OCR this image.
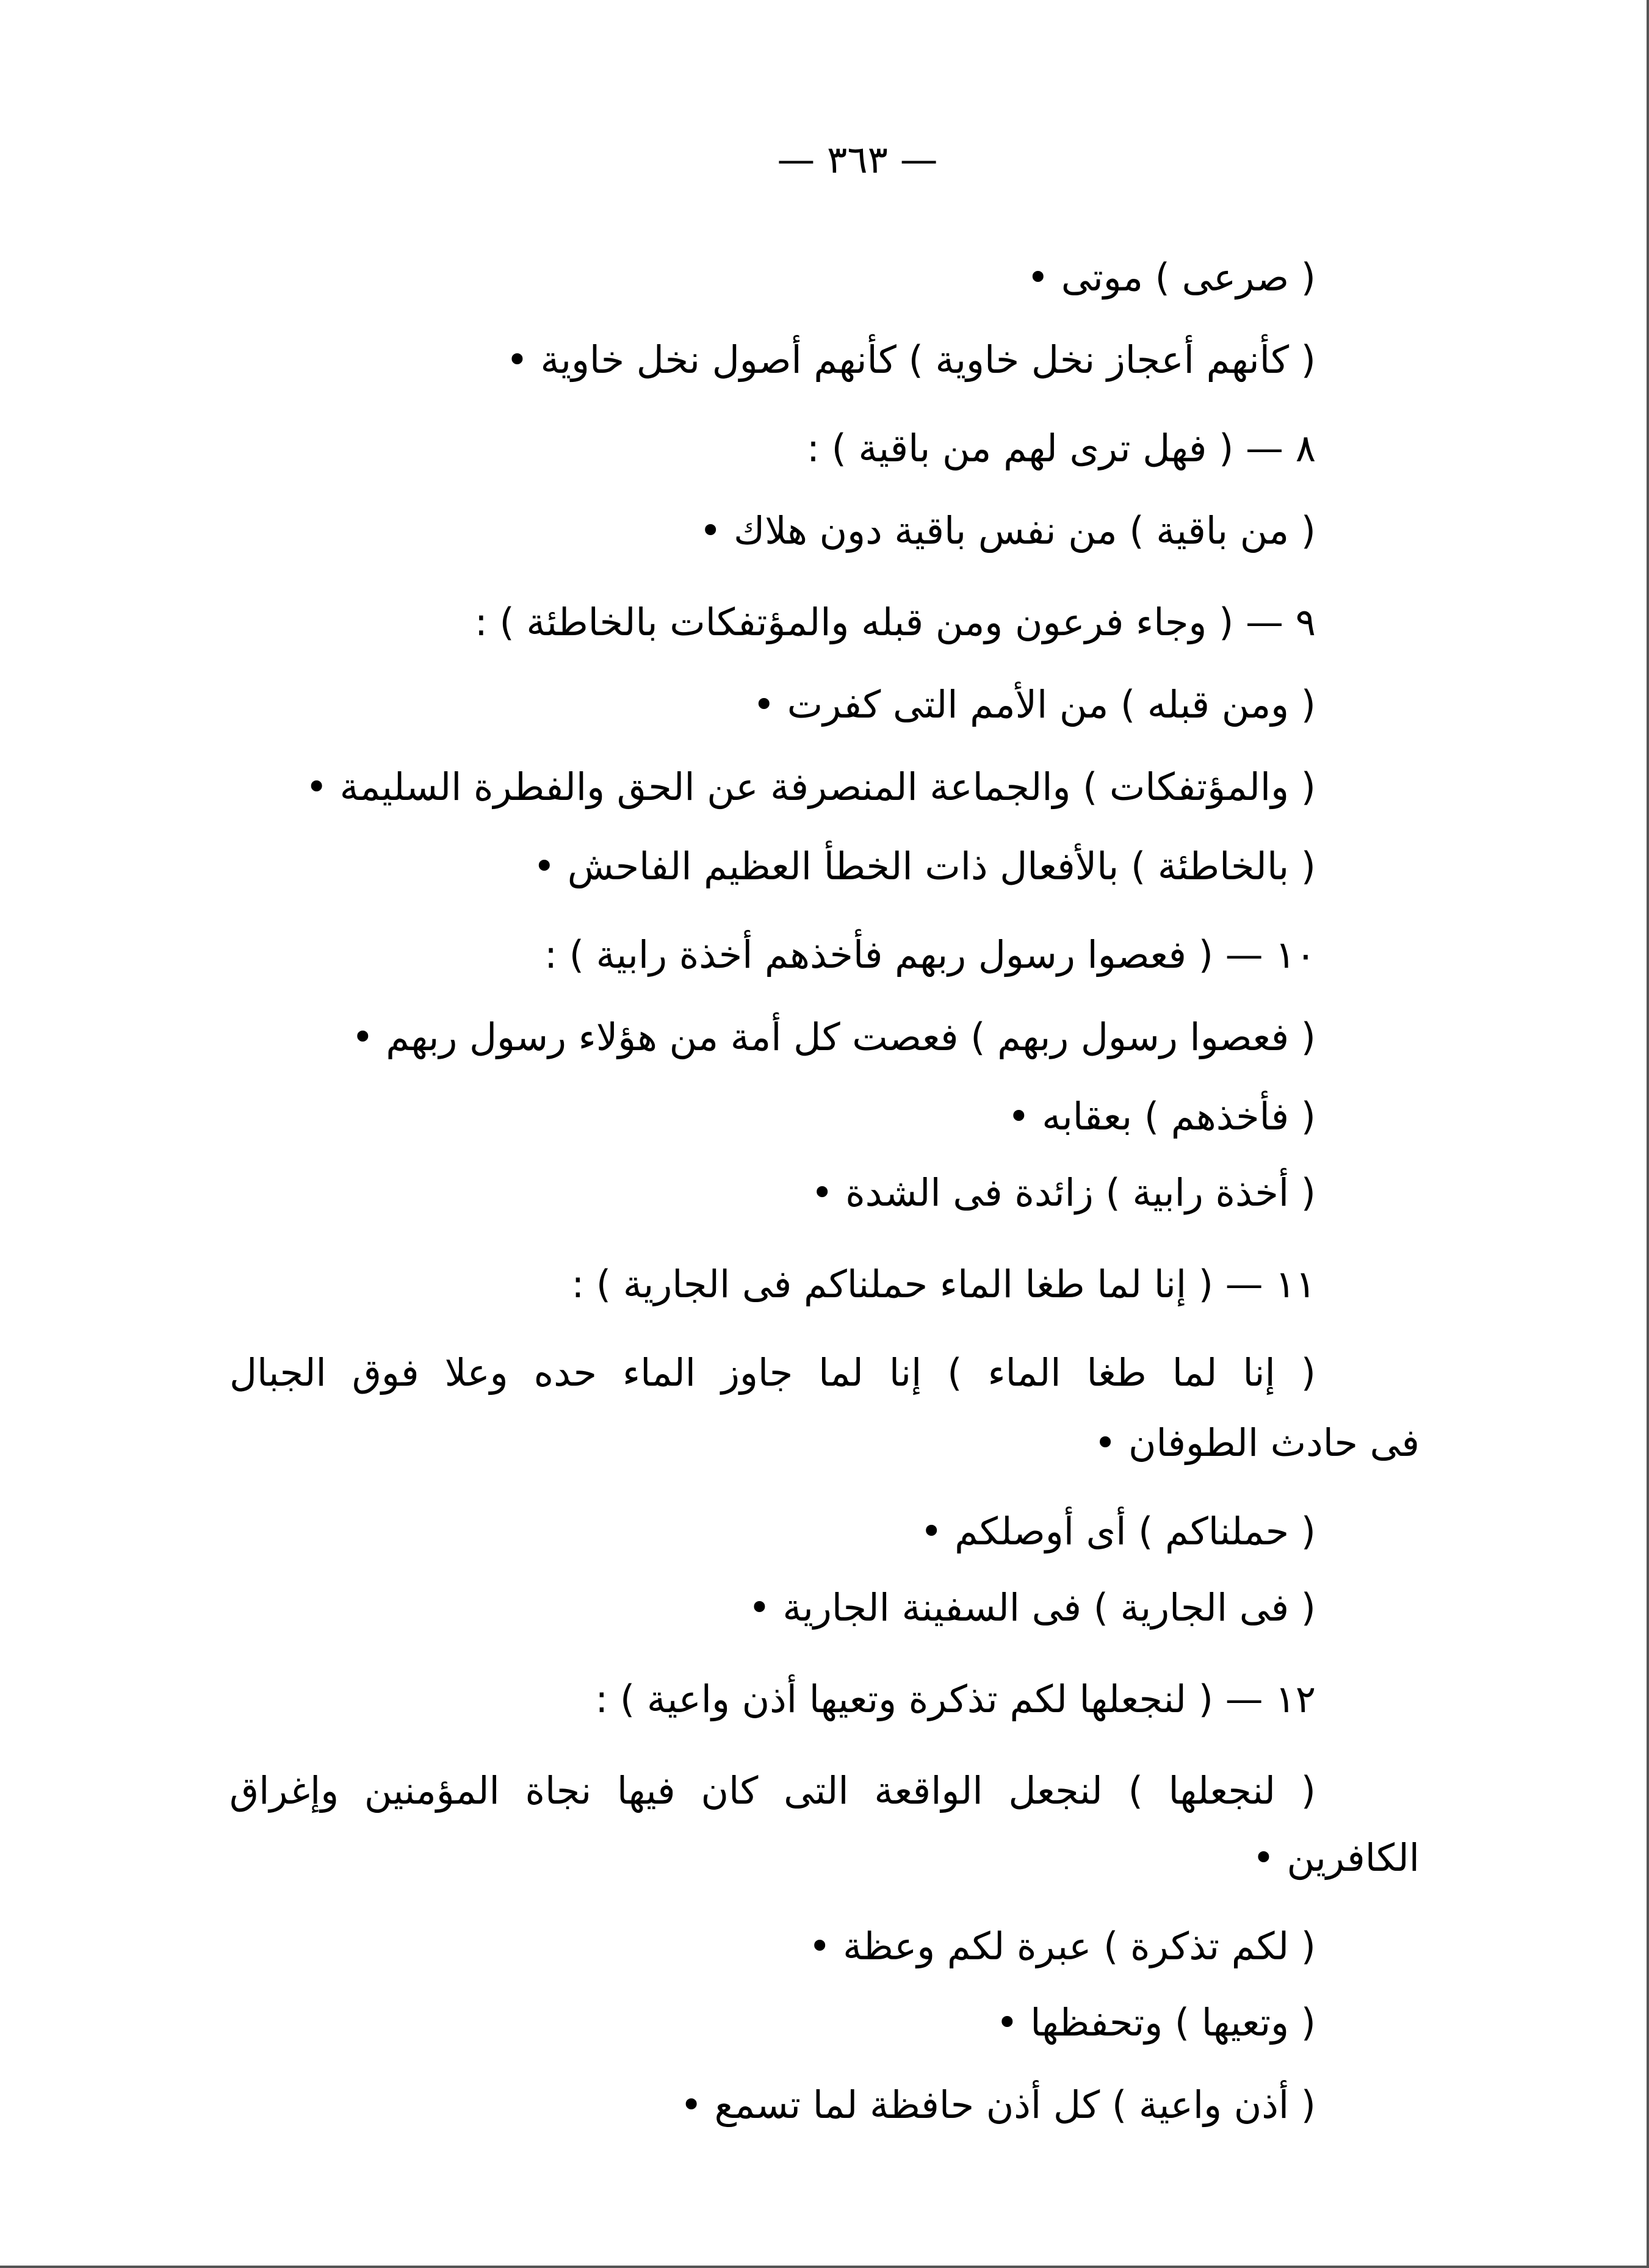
— ٣٦٣ —
( صرعى ) موتى •
( كأنهم أعجاز نخل خاوية ) كأنهم أصول نخل خاوية •
٨ — ( فهل ترى لهم من باقية ) :
( من باقية ) من نفس باقية دون هلاك •
٩ — ( وجاء فرعون ومن قبله والمؤتفكات بالخاطئة ) :
( ومن قبله ) من الأمم التى كفرت •
( والمؤتفكات ) والجماعة المنصرفة عن الحق والفطرة السليمة •
( بالخاطئة ) بالأفعال ذات الخطأ العظيم الفاحش •
١٠ — ( فعصوا رسول ربهم فأخذهم أخذة رابية ) :
( فعصوا رسول ربهم ) فعصت كل أمة من هؤلاء رسول ربهم •
( فأخذهم ) بعقابه •
( أخذة رابية ) زائدة فى الشدة •
١١ — ( إنا لما طغا الماء حملناكم فى الجارية ) :
( إنا لما طغا الماء ) إنا لما جاوز الماء حده وعلا فوق الجبال
فى حادث الطوفان •
( حملناكم ) أى أوصلكم •
( فى الجارية ) فى السفينة الجارية •
١٢ — ( لنجعلها لكم تذكرة وتعيها أذن واعية ) :
( لنجعلها ) لنجعل الواقعة التى كان فيها نجاة المؤمنين وإغراق
الكافرين •
( لكم تذكرة ) عبرة لكم وعظة •
( وتعيها ) وتحفظها •
( أذن واعية ) كل أذن حافظة لما تسمع •
